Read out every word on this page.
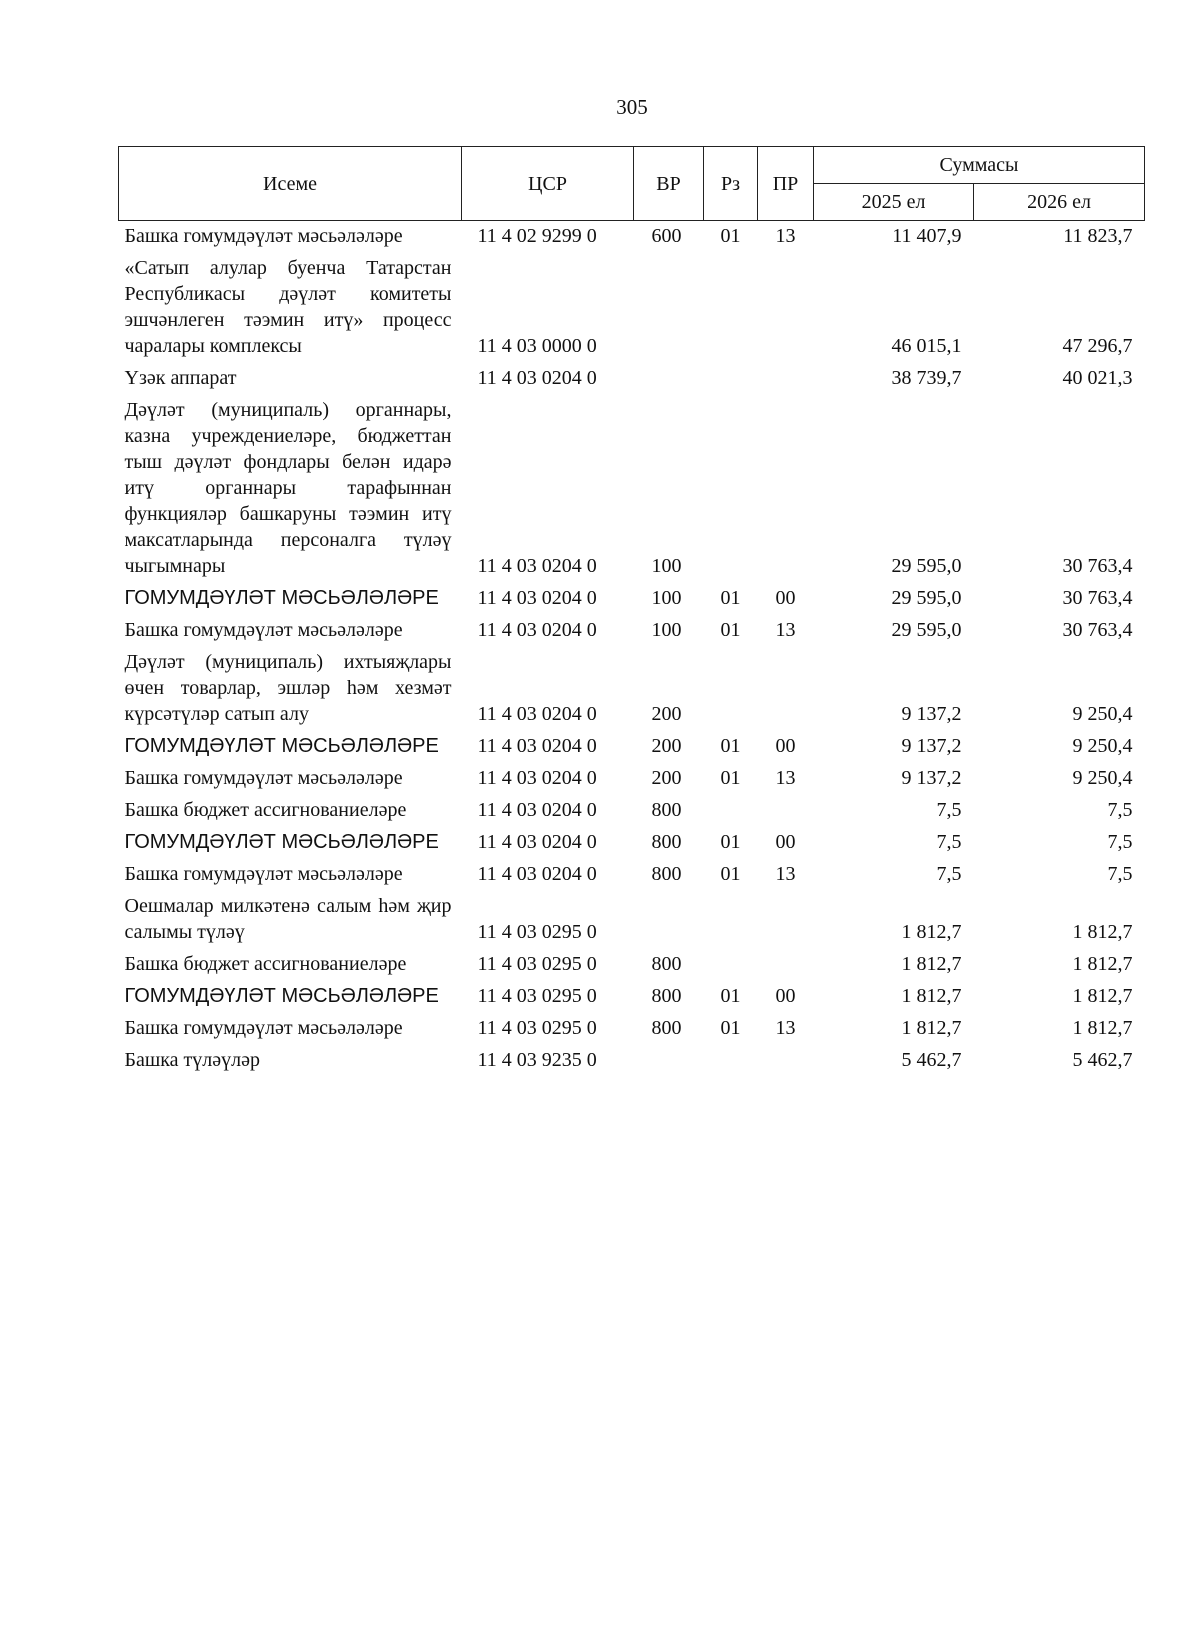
305
Исеме	ЦСР	ВР	Рз	ПР	Суммасы	
					2025 ел	2026 ел
Башка гомумдәүләт мәсьәләләре	11 4 02 9299 0	600	01	13	11 407,9	11 823,7
«Сатып алулар буенча Татарстан Республикасы дәүләт комитеты эшчәнлеген тәэмин итү» процесс чаралары комплексы	11 4 03 0000 0				46 015,1	47 296,7
Үзәк аппарат	11 4 03 0204 0				38 739,7	40 021,3
Дәүләт (муниципаль) органнары, казна учреждениеләре, бюджеттан тыш дәүләт фондлары белән идарә итү органнары тарафыннан функцияләр башкаруны тәэмин итү максатларында персоналга түләү чыгымнары	11 4 03 0204 0	100			29 595,0	30 763,4
ГОМУМДӘҮЛӘТ МӘСЬӘЛӘЛӘРЕ	11 4 03 0204 0	100	01	00	29 595,0	30 763,4
Башка гомумдәүләт мәсьәләләре	11 4 03 0204 0	100	01	13	29 595,0	30 763,4
Дәүләт (муниципаль) ихтыяҗлары өчен товарлар, эшләр һәм хезмәт күрсәтүләр сатып алу	11 4 03 0204 0	200			9 137,2	9 250,4
ГОМУМДӘҮЛӘТ МӘСЬӘЛӘЛӘРЕ	11 4 03 0204 0	200	01	00	9 137,2	9 250,4
Башка гомумдәүләт мәсьәләләре	11 4 03 0204 0	200	01	13	9 137,2	9 250,4
Башка бюджет ассигнованиеләре	11 4 03 0204 0	800			7,5	7,5
ГОМУМДӘҮЛӘТ МӘСЬӘЛӘЛӘРЕ	11 4 03 0204 0	800	01	00	7,5	7,5
Башка гомумдәүләт мәсьәләләре	11 4 03 0204 0	800	01	13	7,5	7,5
Оешмалар милкәтенә салым һәм җир салымы түләү	11 4 03 0295 0				1 812,7	1 812,7
Башка бюджет ассигнованиеләре	11 4 03 0295 0	800			1 812,7	1 812,7
ГОМУМДӘҮЛӘТ МӘСЬӘЛӘЛӘРЕ	11 4 03 0295 0	800	01	00	1 812,7	1 812,7
Башка гомумдәүләт мәсьәләләре	11 4 03 0295 0	800	01	13	1 812,7	1 812,7
Башка түләүләр	11 4 03 9235 0				5 462,7	5 462,7
